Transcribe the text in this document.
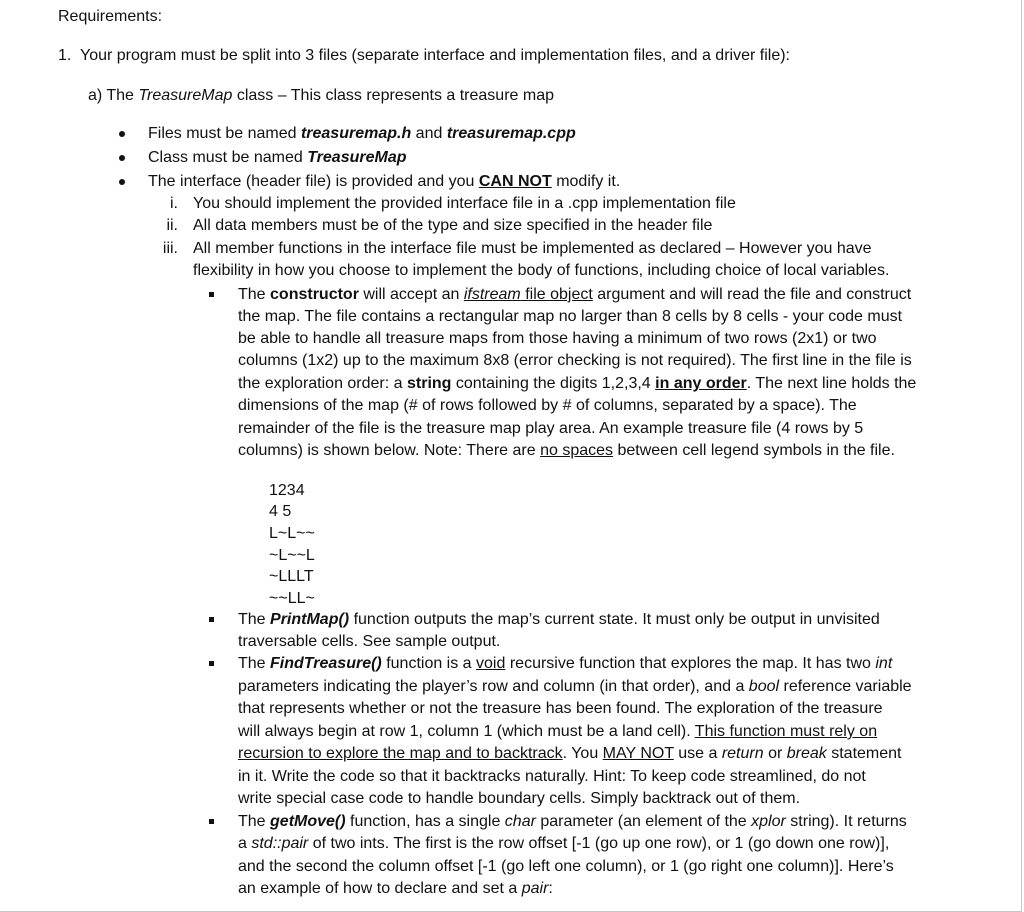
Requirements:
1. Your program must be split into 3 files (separate interface and implementation files, and a driver file):
a) The TreasureMap class – This class represents a treasure map
Files must be named treasuremap.h and treasuremap.cpp
Class must be named TreasureMap
The interface (header file) is provided and you CAN NOT modify it.
i. You should implement the provided interface file in a .cpp implementation file
ii. All data members must be of the type and size specified in the header file
iii. All member functions in the interface file must be implemented as declared – However you have
flexibility in how you choose to implement the body of functions, including choice of local variables.
The constructor will accept an ifstream file object argument and will read the file and construct
the map. The file contains a rectangular map no larger than 8 cells by 8 cells - your code must
be able to handle all treasure maps from those having a minimum of two rows (2x1) or two
columns (1x2) up to the maximum 8x8 (error checking is not required). The first line in the file is
the exploration order: a string containing the digits 1,2,3,4 in any order. The next line holds the
dimensions of the map (# of rows followed by # of columns, separated by a space). The
remainder of the file is the treasure map play area. An example treasure file (4 rows by 5
columns) is shown below. Note: There are no spaces between cell legend symbols in the file.
1234
4 5
L~L~~
~L~~L
~LLLT
~~LL~
The PrintMap() function outputs the map’s current state. It must only be output in unvisited
traversable cells. See sample output.
The FindTreasure() function is a void recursive function that explores the map. It has two int
parameters indicating the player’s row and column (in that order), and a bool reference variable
that represents whether or not the treasure has been found. The exploration of the treasure
will always begin at row 1, column 1 (which must be a land cell). This function must rely on
recursion to explore the map and to backtrack. You MAY NOT use a return or break statement
in it. Write the code so that it backtracks naturally. Hint: To keep code streamlined, do not
write special case code to handle boundary cells. Simply backtrack out of them.
The getMove() function, has a single char parameter (an element of the xplor string). It returns
a std::pair of two ints. The first is the row offset [-1 (go up one row), or 1 (go down one row)],
and the second the column offset [-1 (go left one column), or 1 (go right one column)]. Here’s
an example of how to declare and set a pair:
